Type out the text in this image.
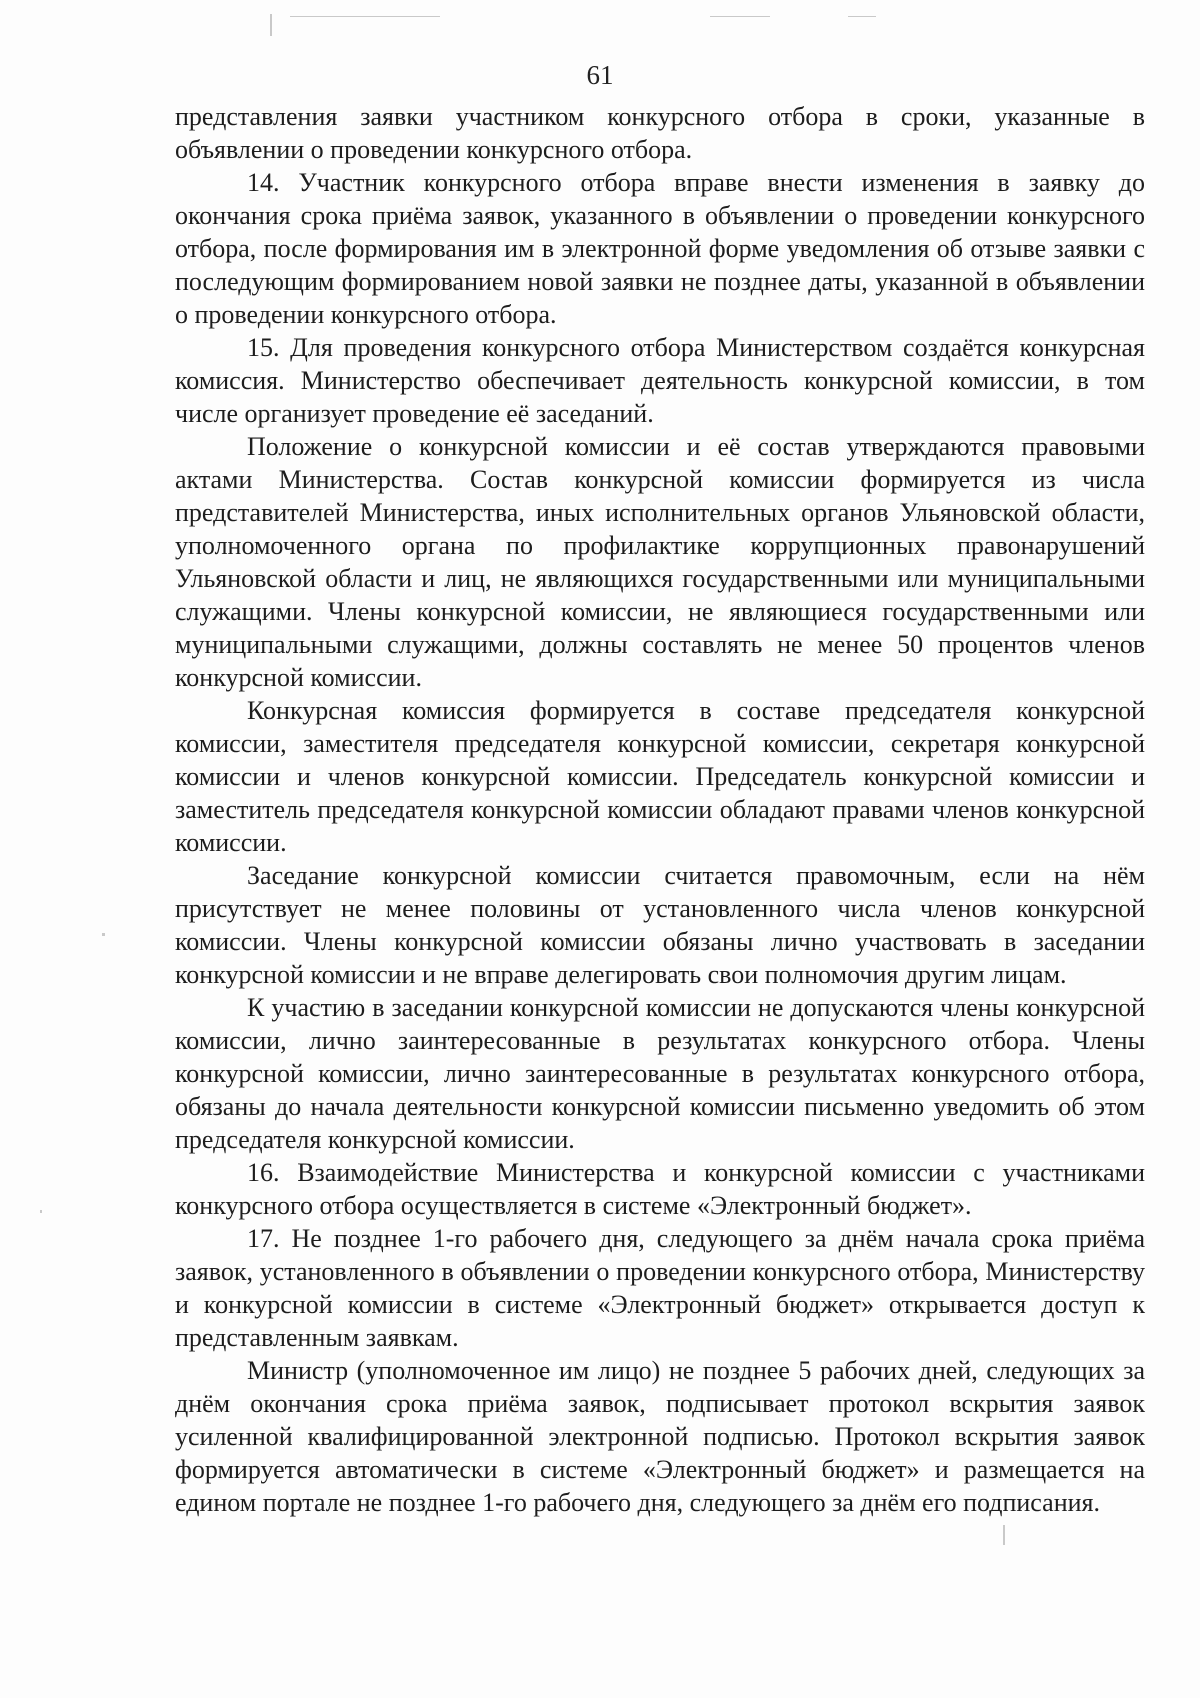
61

представления заявки участником конкурсного отбора в сроки, указанные в объявлении о проведении конкурсного отбора.

14. Участник конкурсного отбора вправе внести изменения в заявку до окончания срока приёма заявок, указанного в объявлении о проведении конкурсного отбора, после формирования им в электронной форме уведомления об отзыве заявки с последующим формированием новой заявки не позднее даты, указанной в объявлении о проведении конкурсного отбора.

15. Для проведения конкурсного отбора Министерством создаётся конкурсная комиссия. Министерство обеспечивает деятельность конкурсной комиссии, в том числе организует проведение её заседаний.

Положение о конкурсной комиссии и её состав утверждаются правовыми актами Министерства. Состав конкурсной комиссии формируется из числа представителей Министерства, иных исполнительных органов Ульяновской области, уполномоченного органа по профилактике коррупционных правонарушений Ульяновской области и лиц, не являющихся государственными или муниципальными служащими. Члены конкурсной комиссии, не являющиеся государственными или муниципальными служащими, должны составлять не менее 50 процентов членов конкурсной комиссии.

Конкурсная комиссия формируется в составе председателя конкурсной комиссии, заместителя председателя конкурсной комиссии, секретаря конкурсной комиссии и членов конкурсной комиссии. Председатель конкурсной комиссии и заместитель председателя конкурсной комиссии обладают правами членов конкурсной комиссии.

Заседание конкурсной комиссии считается правомочным, если на нём присутствует не менее половины от установленного числа членов конкурсной комиссии. Члены конкурсной комиссии обязаны лично участвовать в заседании конкурсной комиссии и не вправе делегировать свои полномочия другим лицам.

К участию в заседании конкурсной комиссии не допускаются члены конкурсной комиссии, лично заинтересованные в результатах конкурсного отбора. Члены конкурсной комиссии, лично заинтересованные в результатах конкурсного отбора, обязаны до начала деятельности конкурсной комиссии письменно уведомить об этом председателя конкурсной комиссии.

16. Взаимодействие Министерства и конкурсной комиссии с участниками конкурсного отбора осуществляется в системе «Электронный бюджет».

17. Не позднее 1-го рабочего дня, следующего за днём начала срока приёма заявок, установленного в объявлении о проведении конкурсного отбора, Министерству и конкурсной комиссии в системе «Электронный бюджет» открывается доступ к представленным заявкам.

Министр (уполномоченное им лицо) не позднее 5 рабочих дней, следующих за днём окончания срока приёма заявок, подписывает протокол вскрытия заявок усиленной квалифицированной электронной подписью. Протокол вскрытия заявок формируется автоматически в системе «Электронный бюджет» и размещается на едином портале не позднее 1-го рабочего дня, следующего за днём его подписания.
